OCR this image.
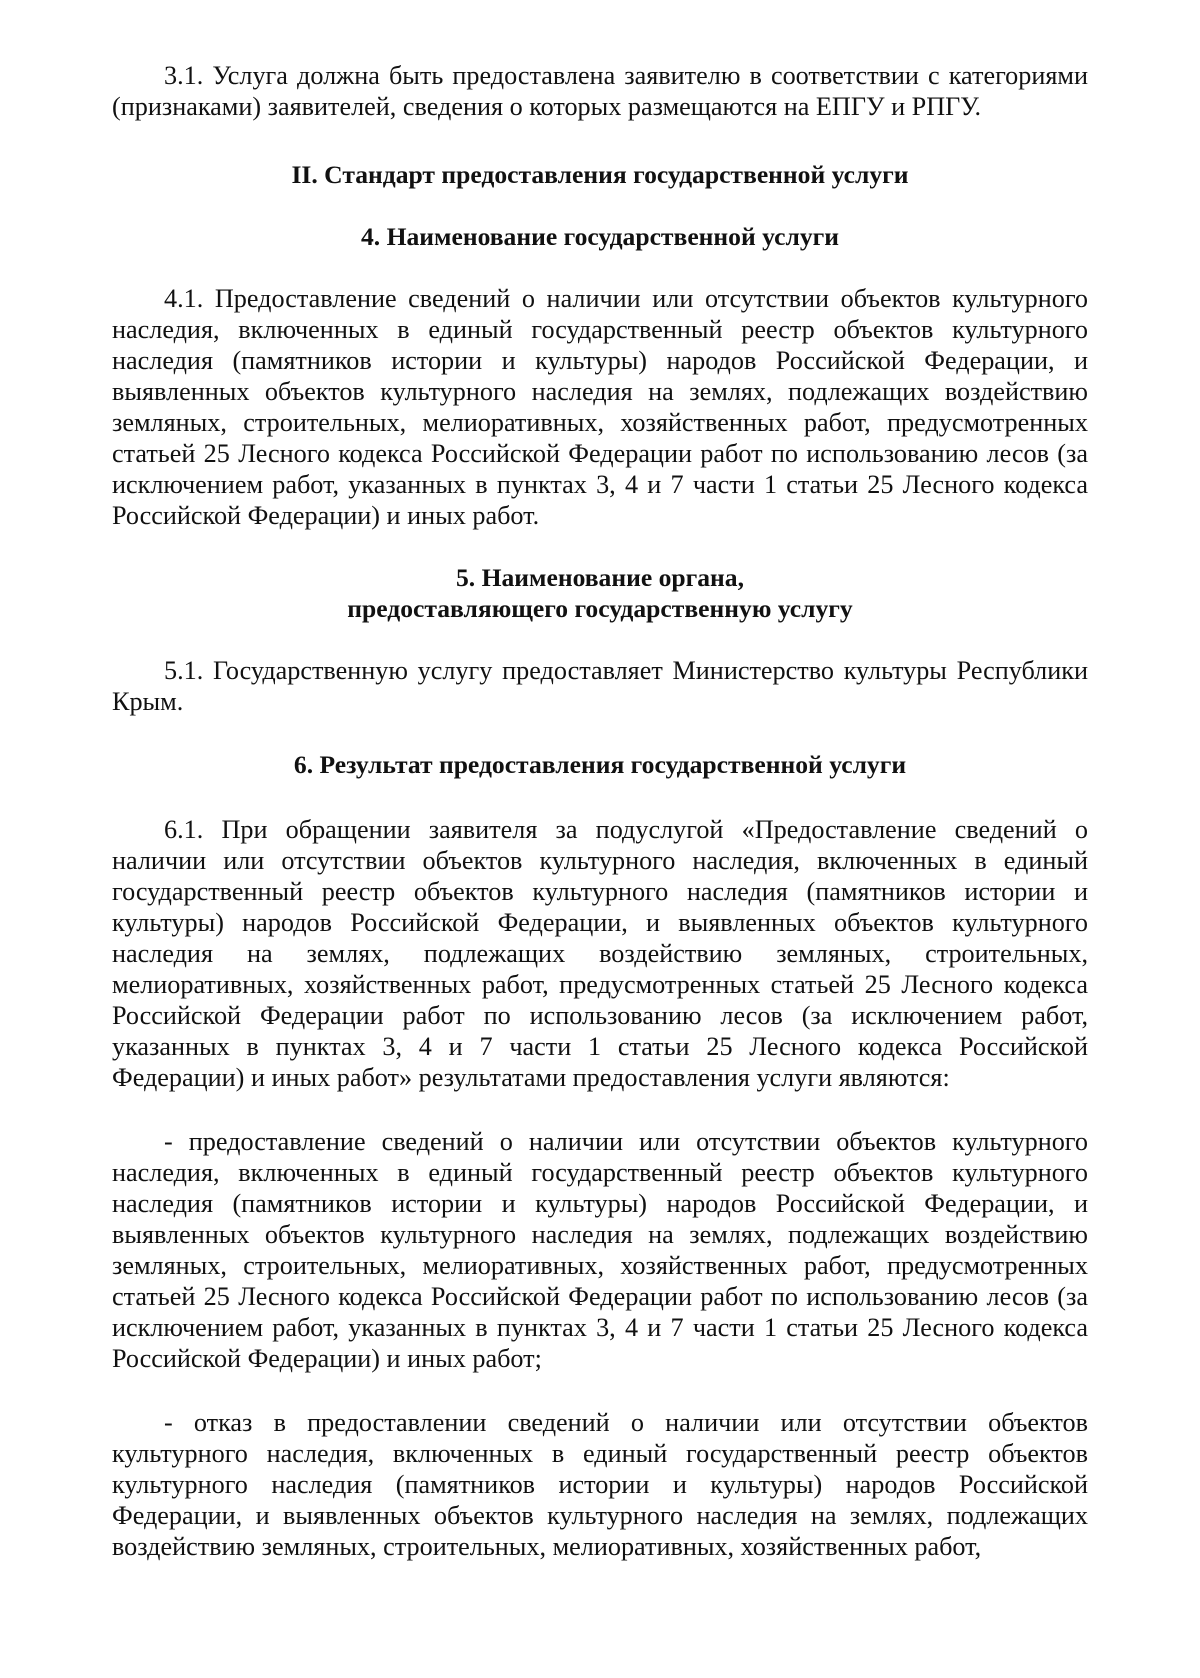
3.1. Услуга должна быть предоставлена заявителю в соответствии с категориями (признаками) заявителей, сведения о которых размещаются на ЕПГУ и РПГУ.

II. Стандарт предоставления государственной услуги
4. Наименование государственной услуги

4.1. Предоставление сведений о наличии или отсутствии объектов культурного наследия, включенных в единый государственный реестр объектов культурного наследия (памятников истории и культуры) народов Российской Федерации, и выявленных объектов культурного наследия на землях, подлежащих воздействию земляных, строительных, мелиоративных, хозяйственных работ, предусмотренных статьей 25 Лесного кодекса Российской Федерации работ по использованию лесов (за исключением работ, указанных в пунктах 3, 4 и 7 части 1 статьи 25 Лесного кодекса Российской Федерации) и иных работ.

5. Наименование органа,
предоставляющего государственную услугу

5.1. Государственную услугу предоставляет Министерство культуры Республики Крым.

6. Результат предоставления государственной услуги

6.1. При обращении заявителя за подуслугой «Предоставление сведений о наличии или отсутствии объектов культурного наследия, включенных в единый государственный реестр объектов культурного наследия (памятников истории и культуры) народов Российской Федерации, и выявленных объектов культурного наследия на землях, подлежащих воздействию земляных, строительных, мелиоративных, хозяйственных работ, предусмотренных статьей 25 Лесного кодекса Российской Федерации работ по использованию лесов (за исключением работ, указанных в пунктах 3, 4 и 7 части 1 статьи 25 Лесного кодекса Российской Федерации) и иных работ» результатами предоставления услуги являются:

- предоставление сведений о наличии или отсутствии объектов культурного наследия, включенных в единый государственный реестр объектов культурного наследия (памятников истории и культуры) народов Российской Федерации, и выявленных объектов культурного наследия на землях, подлежащих воздействию земляных, строительных, мелиоративных, хозяйственных работ, предусмотренных статьей 25 Лесного кодекса Российской Федерации работ по использованию лесов (за исключением работ, указанных в пунктах 3, 4 и 7 части 1 статьи 25 Лесного кодекса Российской Федерации) и иных работ;

- отказ в предоставлении сведений о наличии или отсутствии объектов культурного наследия, включенных в единый государственный реестр объектов культурного наследия (памятников истории и культуры) народов Российской Федерации, и выявленных объектов культурного наследия на землях, подлежащих воздействию земляных, строительных, мелиоративных, хозяйственных работ,
